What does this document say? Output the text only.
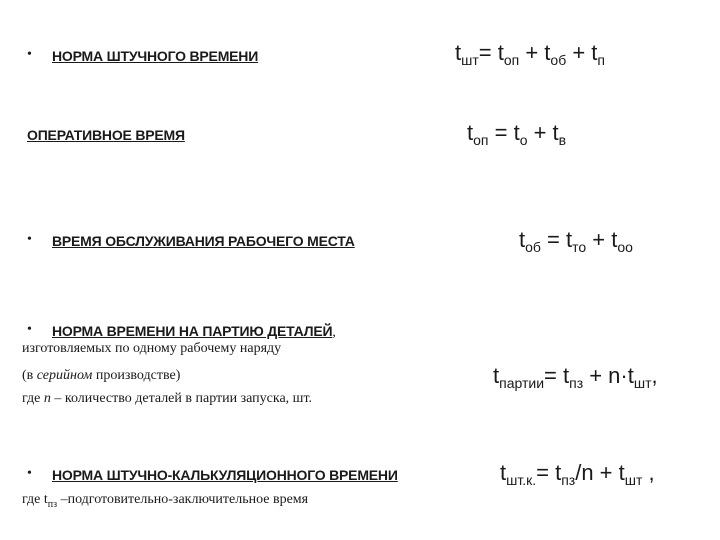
• НОРМА ШТУЧНОГО ВРЕМЕНИ	$t_{шт}= t_{оп} + t_{об} + t_п$
ОПЕРАТИВНОЕ ВРЕМЯ	$t_{оп} = t_о + t_в$
• ВРЕМЯ ОБСЛУЖИВАНИЯ РАБОЧЕГО МЕСТА	$t_{об} = t_{то} + t_{оо}$
• НОРМА ВРЕМЕНИ НА ПАРТИЮ ДЕТАЛЕЙ,
изготовляемых по одному рабочему наряду
(в серийном производстве)
где n – количество деталей в партии запуска, шт.
$t_{партии}= t_{пз} + n\cdot t_{шт}$,
• НОРМА ШТУЧНО-КАЛЬКУЛЯЦИОННОГО ВРЕМЕНИ
где $t_{пз}$ –подготовительно-заключительное время
$t_{шт.к.}= t_{пз}/n + t_{шт}$ ,
